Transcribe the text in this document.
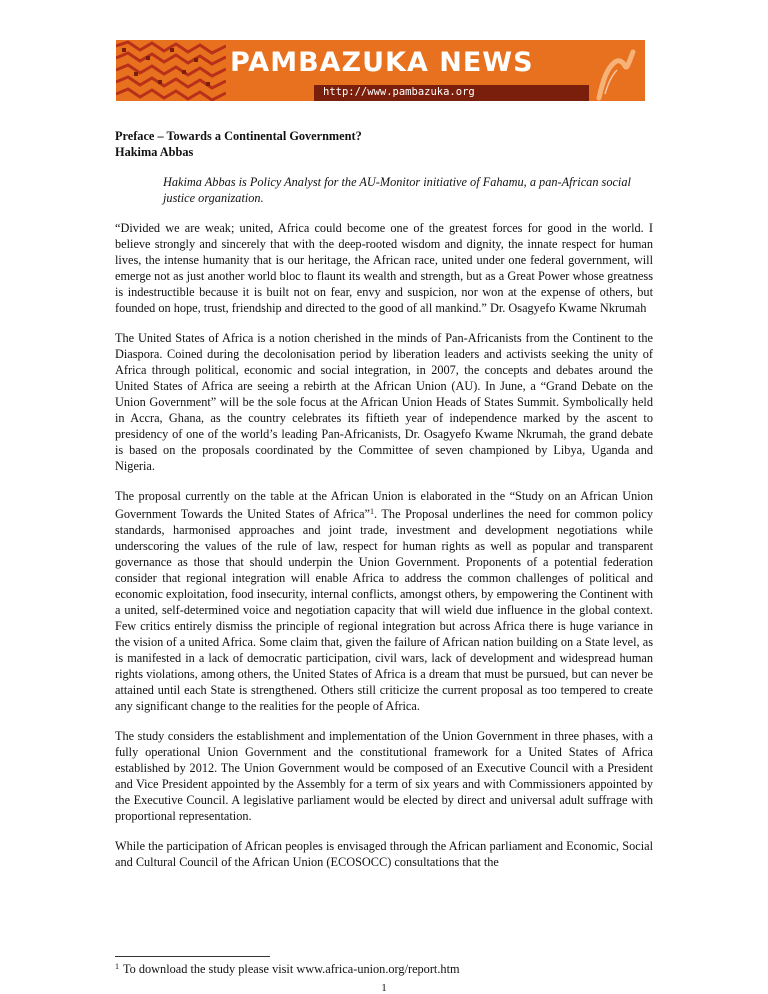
PAMBAZUKA NEWS
http://www.pambazuka.org
Preface – Towards a Continental Government?
Hakima Abbas
Hakima Abbas is Policy Analyst for the AU-Monitor initiative of Fahamu, a pan-African social justice organization.

“Divided we are weak; united, Africa could become one of the greatest forces for good in the world. I believe strongly and sincerely that with the deep-rooted wisdom and dignity, the innate respect for human lives, the intense humanity that is our heritage, the African race, united under one federal government, will emerge not as just another world bloc to flaunt its wealth and strength, but as a Great Power whose greatness is indestructible because it is built not on fear, envy and suspicion, nor won at the expense of others, but founded on hope, trust, friendship and directed to the good of all mankind.” Dr. Osagyefo Kwame Nkrumah

The United States of Africa is a notion cherished in the minds of Pan-Africanists from the Continent to the Diaspora. Coined during the decolonisation period by liberation leaders and activists seeking the unity of Africa through political, economic and social integration, in 2007, the concepts and debates around the United States of Africa are seeing a rebirth at the African Union (AU). In June, a “Grand Debate on the Union Government” will be the sole focus at the African Union Heads of States Summit. Symbolically held in Accra, Ghana, as the country celebrates its fiftieth year of independence marked by the ascent to presidency of one of the world’s leading Pan-Africanists, Dr. Osagyefo Kwame Nkrumah, the grand debate is based on the proposals coordinated by the Committee of seven championed by Libya, Uganda and Nigeria.

The proposal currently on the table at the African Union is elaborated in the “Study on an African Union Government Towards the United States of Africa”$^1$. The Proposal underlines the need for common policy standards, harmonised approaches and joint trade, investment and development negotiations while underscoring the values of the rule of law, respect for human rights as well as popular and transparent governance as those that should underpin the Union Government. Proponents of a potential federation consider that regional integration will enable Africa to address the common challenges of political and economic exploitation, food insecurity, internal conflicts, amongst others, by empowering the Continent with a united, self-determined voice and negotiation capacity that will wield due influence in the global context. Few critics entirely dismiss the principle of regional integration but across Africa there is huge variance in the vision of a united Africa. Some claim that, given the failure of African nation building on a State level, as is manifested in a lack of democratic participation, civil wars, lack of development and widespread human rights violations, among others, the United States of Africa is a dream that must be pursued, but can never be attained until each State is strengthened. Others still criticize the current proposal as too tempered to create any significant change to the realities for the people of Africa.

The study considers the establishment and implementation of the Union Government in three phases, with a fully operational Union Government and the constitutional framework for a United States of Africa established by 2012. The Union Government would be composed of an Executive Council with a President and Vice President appointed by the Assembly for a term of six years and with Commissioners appointed by the Executive Council. A legislative parliament would be elected by direct and universal adult suffrage with proportional representation.

While the participation of African peoples is envisaged through the African parliament and Economic, Social and Cultural Council of the African Union (ECOSOCC) consultations that the

$^1$ To download the study please visit www.africa-union.org/report.htm
1
